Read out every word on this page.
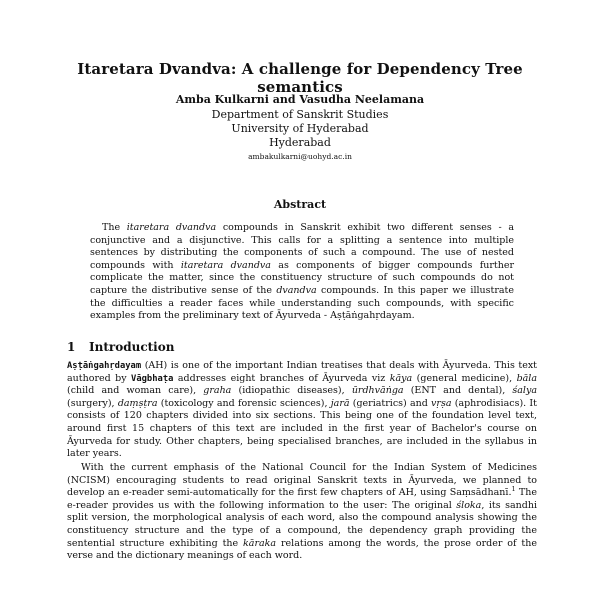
Itaretara Dvandva: A challenge for Dependency Tree semantics
Amba Kulkarni and Vasudha Neelamana
Department of Sanskrit Studies
University of Hyderabad
Hyderabad
ambakulkarni@uohyd.ac.in
Abstract
The itaretara dvandva compounds in Sanskrit exhibit two different senses - a conjunctive and a disjunctive. This calls for a splitting a sentence into multiple sentences by distributing the components of such a compound. The use of nested compounds with itaretara dvandva as components of bigger compounds further complicate the matter, since the constituency structure of such compounds do not capture the distributive sense of the dvandva compounds. In this paper we illustrate the difficulties a reader faces while understanding such compounds, with specific examples from the preliminary text of Āyurveda - Aṣṭāṅgahṛdayam.
1 Introduction
Aṣṭāṅgahṛdayam (AH) is one of the important Indian treatises that deals with Āyurveda. This text authored by Vāgbhaṭa addresses eight branches of Āyurveda viz kāya (general medicine), bāla (child and woman care), graha (idiopathic diseases), ūrdhvāṅga (ENT and dental), śalya (surgery), daṃṣṭra (toxicology and forensic sciences), jarā (geriatrics) and vṛṣa (aphrodisiacs). It consists of 120 chapters divided into six sections. This being one of the foundation level text, around first 15 chapters of this text are included in the first year of Bachelor's course on Āyurveda for study. Other chapters, being specialised branches, are included in the syllabus in later years.
With the current emphasis of the National Council for the Indian System of Medicines (NCISM) encouraging students to read original Sanskrit texts in Āyurveda, we planned to develop an e-reader semi-automatically for the first few chapters of AH, using Saṃsādhanī.$^1$ The e-reader provides us with the following information to the user: The original śloka, its sandhi split version, the morphological analysis of each word, also the compound analysis showing the constituency structure and the type of a compound, the dependency graph providing the sentential structure exhibiting the kāraka relations among the words, the prose order of the verse and the dictionary meanings of each word.
